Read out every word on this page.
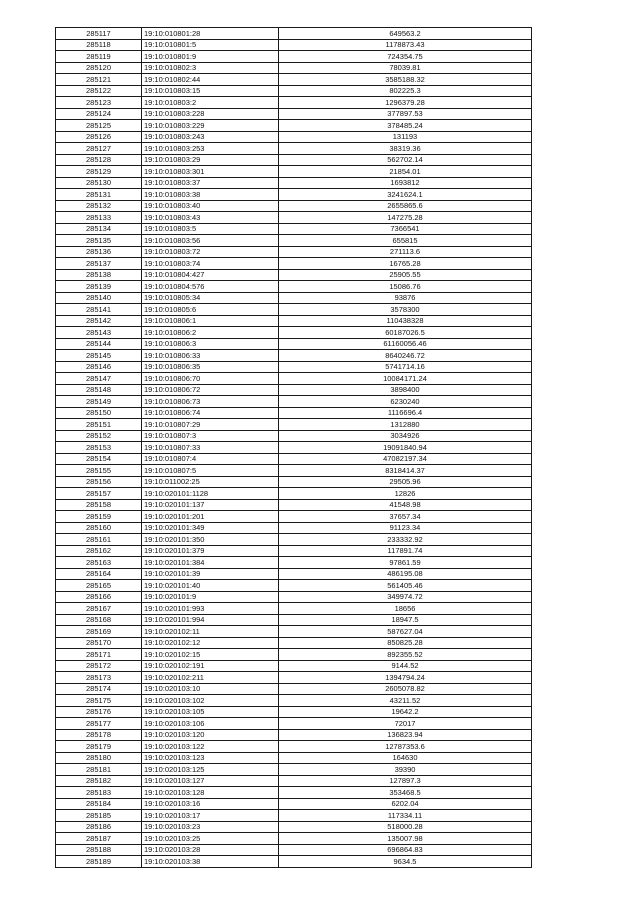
285117	19:10:010801:28	649563.2
285118	19:10:010801:5	1178873.43
285119	19:10:010801:9	724354.75
285120	19:10:010802:3	78039.81
285121	19:10:010802:44	3585188.32
285122	19:10:010803:15	802225.3
285123	19:10:010803:2	1296379.28
285124	19:10:010803:228	377897.53
285125	19:10:010803:229	378485.24
285126	19:10:010803:243	131193
285127	19:10:010803:253	38319.36
285128	19:10:010803:29	562702.14
285129	19:10:010803:301	21854.01
285130	19:10:010803:37	1693812
285131	19:10:010803:38	3241624.1
285132	19:10:010803:40	2655865.6
285133	19:10:010803:43	147275.28
285134	19:10:010803:5	7366541
285135	19:10:010803:56	655815
285136	19:10:010803:72	271113.6
285137	19:10:010803:74	16765.28
285138	19:10:010804:427	25905.55
285139	19:10:010804:576	15086.76
285140	19:10:010805:34	93876
285141	19:10:010805:6	3578300
285142	19:10:010806:1	110438328
285143	19:10:010806:2	60187026.5
285144	19:10:010806:3	61160056.46
285145	19:10:010806:33	8640246.72
285146	19:10:010806:35	5741714.16
285147	19:10:010806:70	10084171.24
285148	19:10:010806:72	3898400
285149	19:10:010806:73	6230240
285150	19:10:010806:74	1116696.4
285151	19:10:010807:29	1312880
285152	19:10:010807:3	3034926
285153	19:10:010807:33	19091840.94
285154	19:10:010807:4	47082197.34
285155	19:10:010807:5	8318414.37
285156	19:10:011002:25	29505.96
285157	19:10:020101:1128	12826
285158	19:10:020101:137	41548.98
285159	19:10:020101:201	37657.34
285160	19:10:020101:349	91123.34
285161	19:10:020101:350	233332.92
285162	19:10:020101:379	117891.74
285163	19:10:020101:384	97861.59
285164	19:10:020101:39	486195.08
285165	19:10:020101:40	561405.46
285166	19:10:020101:9	349974.72
285167	19:10:020101:993	18656
285168	19:10:020101:994	18947.5
285169	19:10:020102:11	587627.04
285170	19:10:020102:12	850825.28
285171	19:10:020102:15	892355.52
285172	19:10:020102:191	9144.52
285173	19:10:020102:211	1394794.24
285174	19:10:020103:10	2605078.82
285175	19:10:020103:102	43211.52
285176	19:10:020103:105	19642.2
285177	19:10:020103:106	72017
285178	19:10:020103:120	136823.94
285179	19:10:020103:122	12787353.6
285180	19:10:020103:123	164630
285181	19:10:020103:125	39390
285182	19:10:020103:127	127897.3
285183	19:10:020103:128	353468.5
285184	19:10:020103:16	6202.04
285185	19:10:020103:17	117334.11
285186	19:10:020103:23	518000.28
285187	19:10:020103:25	135007.98
285188	19:10:020103:28	696864.83
285189	19:10:020103:38	9634.5
